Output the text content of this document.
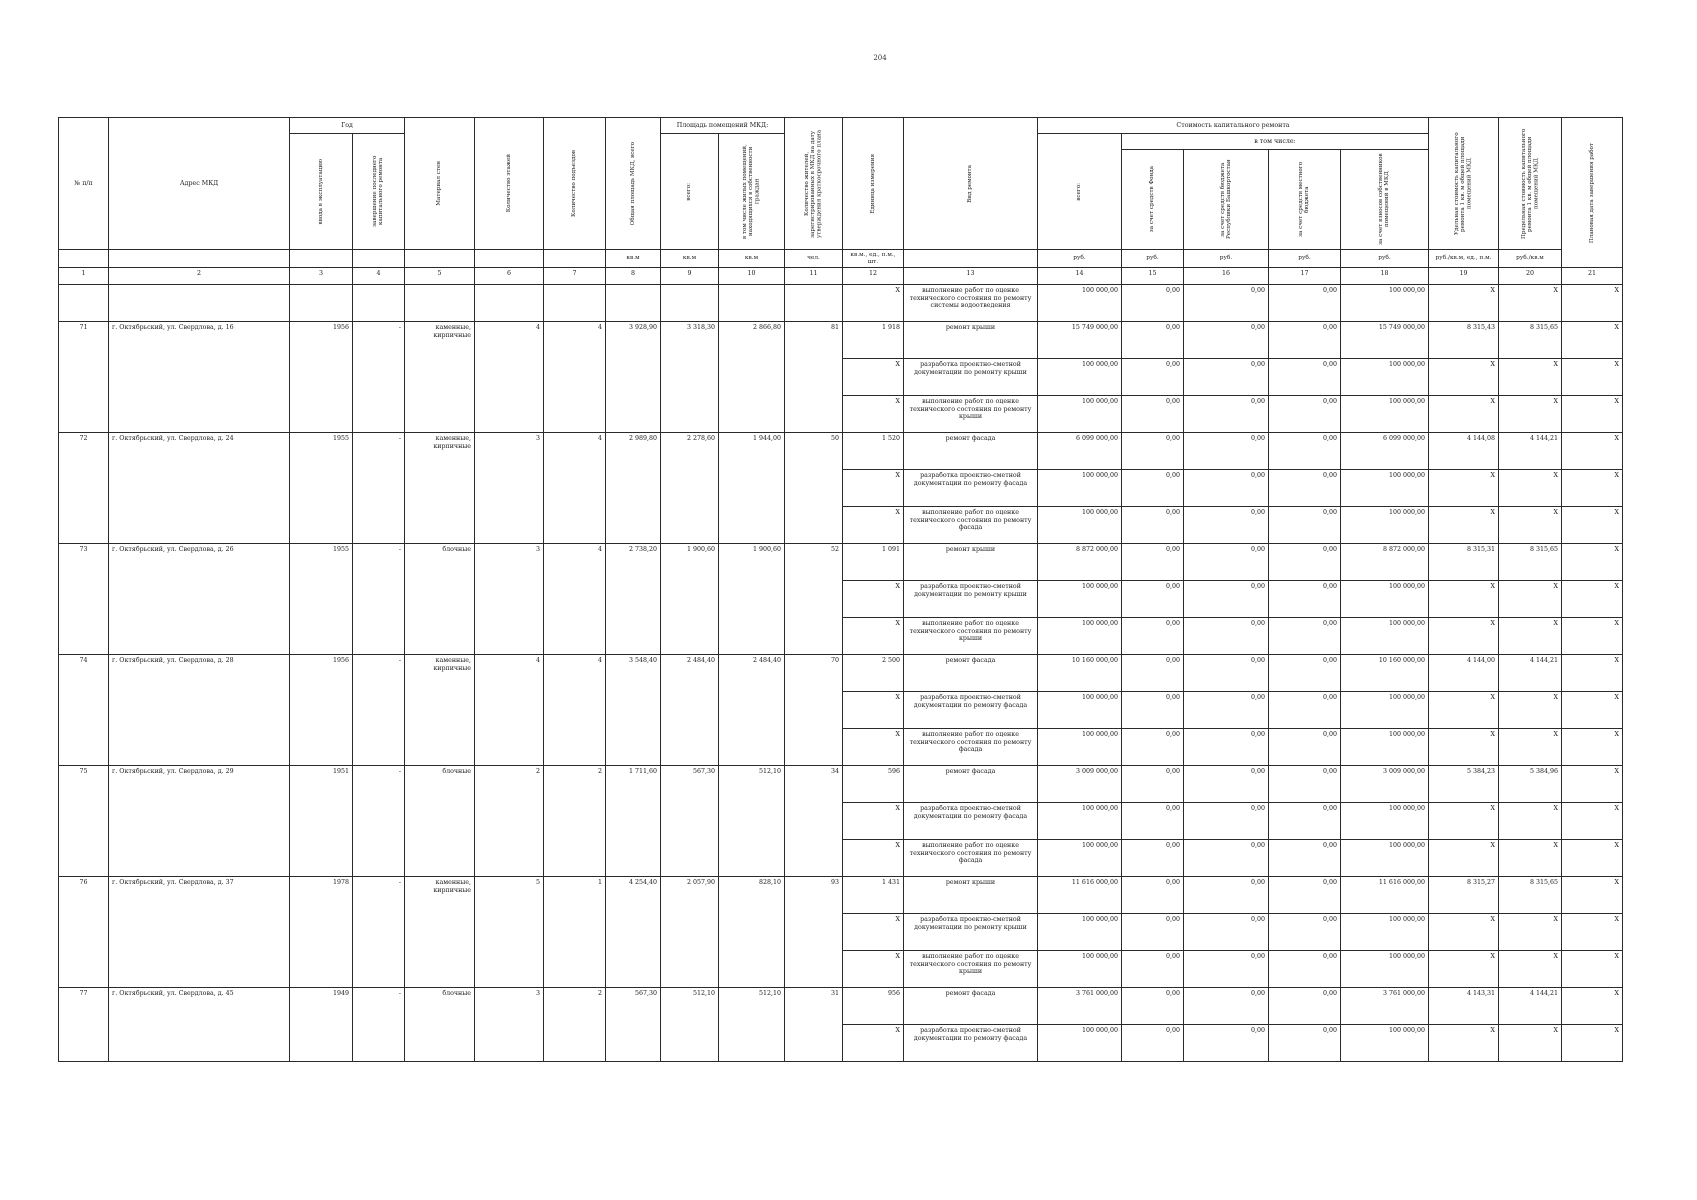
204
№ п/п	Адрес МКД	Год		Материал стен	Количество этажей	Количество подъездов	Общая площадь МКД, всего	Площадь помещений МКД:		Количество жителей, зарегистрированных в МКД на дату утверждения краткосрочного плана	Единица измерения	Вид ремонта	Стоимость капитального ремонта					Удельная стоимость капитального ремонта 1 кв. м общей площади помещений МКД	Предельная стоимость капитального ремонта 1 кв. м общей площади помещений МКД	Плановая дата завершения работ

		ввода в эксплуатацию	завершение последнего капитального ремонта					всего:	в том числе жилых помещений, находящихся в собственности граждан				всего:	в том числе:						

														за счет средств Фонда	за счет средств бюджета Республики Башкортостан	за счет средств местного бюджета	за счет взносов собственников помещений в МКД			

							кв.м	кв.м	кв.м	чел.	кв.м., ед., п.м., шт.		руб.	руб.	руб.	руб.	руб.	руб./кв.м, ед., п.м.	руб./кв.м	
1	2	3	4	5	6	7	8	9	10	11	12	13	14	15	16	17	18	19	20	21
											Х	выполнение работ по оценке технического состояния по ремонту системы водоотведения	100 000,00	0,00	0,00	0,00	100 000,00	Х	Х	Х
71	г. Октябрьский, ул. Свердлова, д. 16	1956	-	каменные, кирпичные	4	4	3 928,90	3 318,30	2 866,80	81	1 918	ремонт крыши	15 749 000,00	0,00	0,00	0,00	15 749 000,00	8 315,43	8 315,65	Х
											Х	разработка проектно-сметной документации по ремонту крыши	100 000,00	0,00	0,00	0,00	100 000,00	Х	Х	Х
											Х	выполнение работ по оценке технического состояния по ремонту крыши	100 000,00	0,00	0,00	0,00	100 000,00	Х	Х	Х
72	г. Октябрьский, ул. Свердлова, д. 24	1955	-	каменные, кирпичные	3	4	2 989,80	2 278,60	1 944,00	50	1 520	ремонт фасада	6 099 000,00	0,00	0,00	0,00	6 099 000,00	4 144,08	4 144,21	Х
											Х	разработка проектно-сметной документации по ремонту фасада	100 000,00	0,00	0,00	0,00	100 000,00	Х	Х	Х
											Х	выполнение работ по оценке технического состояния по ремонту фасада	100 000,00	0,00	0,00	0,00	100 000,00	Х	Х	Х
73	г. Октябрьский, ул. Свердлова, д. 26	1955	-	блочные	3	4	2 738,20	1 900,60	1 900,60	52	1 091	ремонт крыши	8 872 000,00	0,00	0,00	0,00	8 872 000,00	8 315,31	8 315,65	Х
											Х	разработка проектно-сметной документации по ремонту крыши	100 000,00	0,00	0,00	0,00	100 000,00	Х	Х	Х
											Х	выполнение работ по оценке технического состояния по ремонту крыши	100 000,00	0,00	0,00	0,00	100 000,00	Х	Х	Х
74	г. Октябрьский, ул. Свердлова, д. 28	1956	-	каменные, кирпичные	4	4	3 548,40	2 484,40	2 484,40	70	2 500	ремонт фасада	10 160 000,00	0,00	0,00	0,00	10 160 000,00	4 144,00	4 144,21	Х
											Х	разработка проектно-сметной документации по ремонту фасада	100 000,00	0,00	0,00	0,00	100 000,00	Х	Х	Х
											Х	выполнение работ по оценке технического состояния по ремонту фасада	100 000,00	0,00	0,00	0,00	100 000,00	Х	Х	Х
75	г. Октябрьский, ул. Свердлова, д. 29	1951	-	блочные	2	2	1 711,60	567,30	512,10	34	596	ремонт фасада	3 009 000,00	0,00	0,00	0,00	3 009 000,00	5 384,23	5 384,96	Х
											Х	разработка проектно-сметной документации по ремонту фасада	100 000,00	0,00	0,00	0,00	100 000,00	Х	Х	Х
											Х	выполнение работ по оценке технического состояния по ремонту фасада	100 000,00	0,00	0,00	0,00	100 000,00	Х	Х	Х
76	г. Октябрьский, ул. Свердлова, д. 37	1978	-	каменные, кирпичные	5	1	4 254,40	2 057,90	828,10	93	1 431	ремонт крыши	11 616 000,00	0,00	0,00	0,00	11 616 000,00	8 315,27	8 315,65	Х
											Х	разработка проектно-сметной документации по ремонту крыши	100 000,00	0,00	0,00	0,00	100 000,00	Х	Х	Х
											Х	выполнение работ по оценке технического состояния по ремонту крыши	100 000,00	0,00	0,00	0,00	100 000,00	Х	Х	Х
77	г. Октябрьский, ул. Свердлова, д. 45	1949	-	блочные	3	2	567,30	512,10	512,10	31	956	ремонт фасада	3 761 000,00	0,00	0,00	0,00	3 761 000,00	4 143,31	4 144,21	Х
											Х	разработка проектно-сметной документации по ремонту фасада	100 000,00	0,00	0,00	0,00	100 000,00	Х	Х	Х
